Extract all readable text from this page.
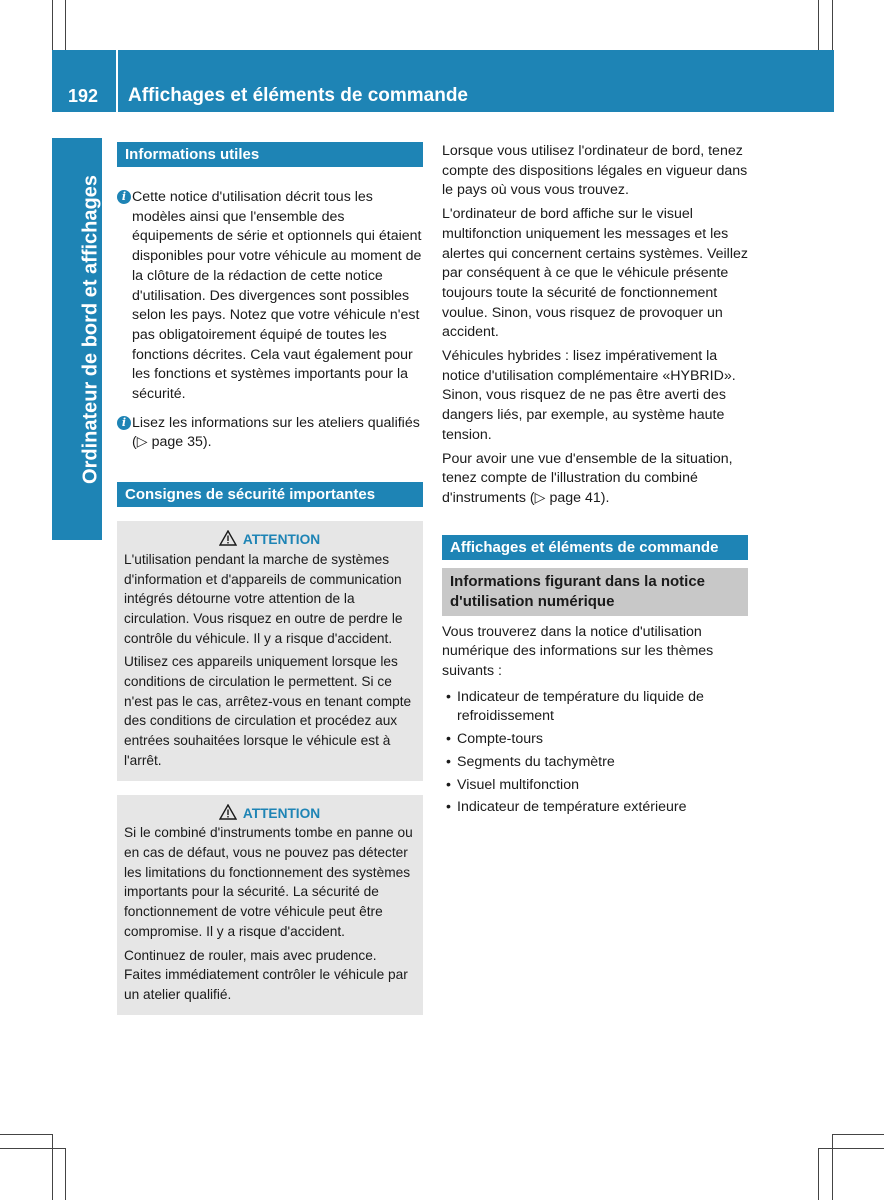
192	Affichages et éléments de commande
Ordinateur de bord et affichages
Informations utiles

i Cette notice d'utilisation décrit tous les modèles ainsi que l'ensemble des équipements de série et optionnels qui étaient disponibles pour votre véhicule au moment de la clôture de la rédaction de cette notice d'utilisation. Des divergences sont possibles selon les pays. Notez que votre véhicule n'est pas obligatoirement équipé de toutes les fonctions décrites. Cela vaut également pour les fonctions et systèmes importants pour la sécurité.

i Lisez les informations sur les ateliers qualifiés (▷ page 35).

Consignes de sécurité importantes
ATTENTION

L'utilisation pendant la marche de systèmes d'information et d'appareils de communication intégrés détourne votre attention de la circulation. Vous risquez en outre de perdre le contrôle du véhicule. Il y a risque d'accident.

Utilisez ces appareils uniquement lorsque les conditions de circulation le permettent. Si ce n'est pas le cas, arrêtez-vous en tenant compte des conditions de circulation et procédez aux entrées souhaitées lorsque le véhicule est à l'arrêt.

ATTENTION

Si le combiné d'instruments tombe en panne ou en cas de défaut, vous ne pouvez pas détecter les limitations du fonctionnement des systèmes importants pour la sécurité. La sécurité de fonctionnement de votre véhicule peut être compromise. Il y a risque d'accident.

Continuez de rouler, mais avec prudence. Faites immédiatement contrôler le véhicule par un atelier qualifié.

Lorsque vous utilisez l'ordinateur de bord, tenez compte des dispositions légales en vigueur dans le pays où vous vous trouvez.

L'ordinateur de bord affiche sur le visuel multifonction uniquement les messages et les alertes qui concernent certains systèmes. Veillez par conséquent à ce que le véhicule présente toujours toute la sécurité de fonctionnement voulue. Sinon, vous risquez de provoquer un accident.

Véhicules hybrides : lisez impérativement la notice d'utilisation complémentaire «HYBRID». Sinon, vous risquez de ne pas être averti des dangers liés, par exemple, au système haute tension.

Pour avoir une vue d'ensemble de la situation, tenez compte de l'illustration du combiné d'instruments (▷ page 41).

Affichages et éléments de commande
Informations figurant dans la notice d'utilisation numérique

Vous trouverez dans la notice d'utilisation numérique des informations sur les thèmes suivants :

• Indicateur de température du liquide de refroidissement
• Compte-tours
• Segments du tachymètre
• Visuel multifonction
• Indicateur de température extérieure
